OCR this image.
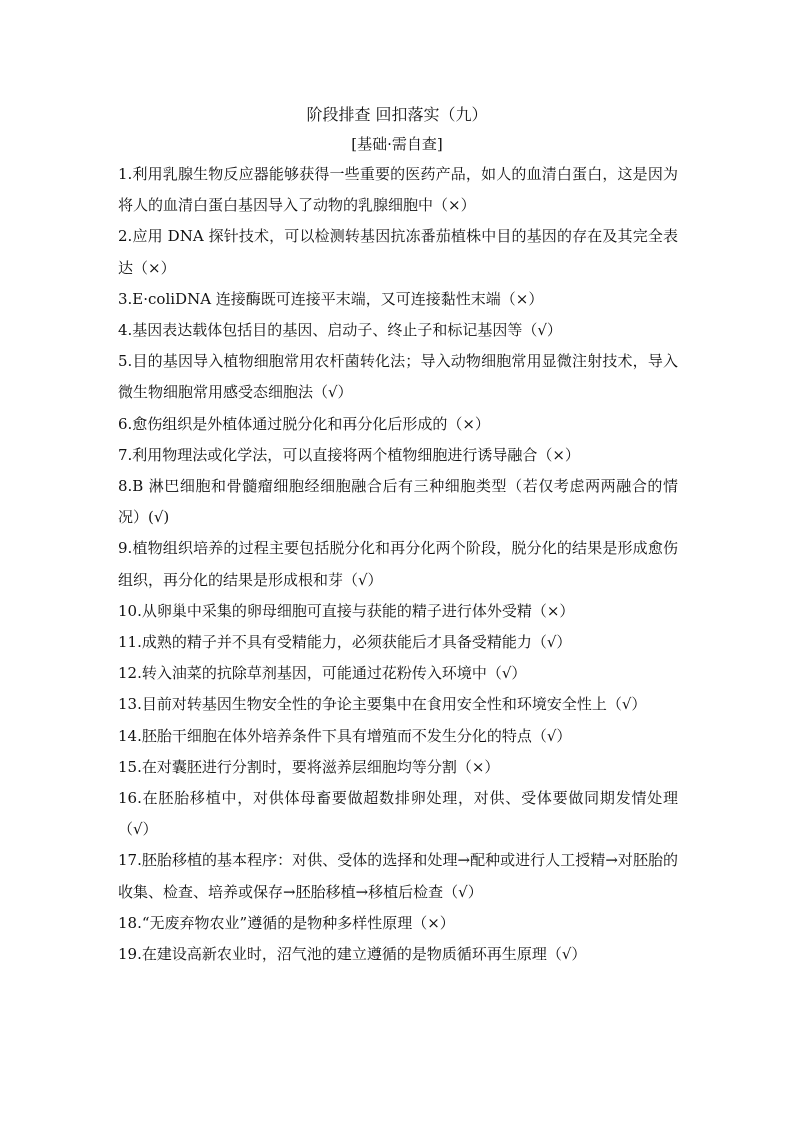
阶段排查 回扣落实（九）
[基础·需自查]

1.利用乳腺生物反应器能够获得一些重要的医药产品，如人的血清白蛋白，这是因为将人的血清白蛋白基因导入了动物的乳腺细胞中（×）

2.应用 DNA 探针技术，可以检测转基因抗冻番茄植株中目的基因的存在及其完全表达（×）

3.E·coliDNA 连接酶既可连接平末端，又可连接黏性末端（×）

4.基因表达载体包括目的基因、启动子、终止子和标记基因等（√）

5.目的基因导入植物细胞常用农杆菌转化法；导入动物细胞常用显微注射技术，导入微生物细胞常用感受态细胞法（√）

6.愈伤组织是外植体通过脱分化和再分化后形成的（×）

7.利用物理法或化学法，可以直接将两个植物细胞进行诱导融合（×）

8.B 淋巴细胞和骨髓瘤细胞经细胞融合后有三种细胞类型（若仅考虑两两融合的情况）(√)

9.植物组织培养的过程主要包括脱分化和再分化两个阶段，脱分化的结果是形成愈伤组织，再分化的结果是形成根和芽（√）

10.从卵巢中采集的卵母细胞可直接与获能的精子进行体外受精（×）

11.成熟的精子并不具有受精能力，必须获能后才具备受精能力（√）

12.转入油菜的抗除草剂基因，可能通过花粉传入环境中（√）

13.目前对转基因生物安全性的争论主要集中在食用安全性和环境安全性上（√）

14.胚胎干细胞在体外培养条件下具有增殖而不发生分化的特点（√）

15.在对囊胚进行分割时，要将滋养层细胞均等分割（×）

16.在胚胎移植中，对供体母畜要做超数排卵处理，对供、受体要做同期发情处理（√）

17.胚胎移植的基本程序：对供、受体的选择和处理→配种或进行人工授精→对胚胎的收集、检查、培养或保存→胚胎移植→移植后检查（√）

18.“无废弃物农业”遵循的是物种多样性原理（×）

19.在建设高新农业时，沼气池的建立遵循的是物质循环再生原理（√）
